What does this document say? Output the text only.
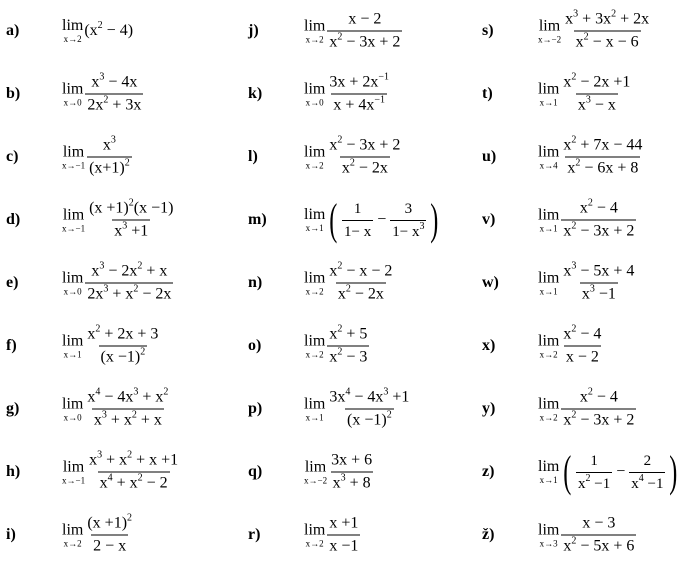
a)	lim
x→2 $(x^2 - 4)$
b)	lim
$x\to 0 \frac{x^3 - 4x}{2x^2 + 3x}$
c)	lim
$x\to-1 \frac{x^3}{(x+1)^2}$
d)	lim
$x\to-1 \frac{(x +1)^2(x -1)}{x^3 +1}$
e)	lim
$x\to 0 \frac{x^3 - 2x^2 + x}{2x^3 + x^2 - 2x}$
f)	lim
$x\to 1 \frac{x^2 + 2x + 3}{(x -1)^2}$
g)	lim
$x\to 0 \frac{x^4 - 4x^3 + x^2}{x^3 + x^2 + x}$
h)	lim
$x\to-1 \frac{x^3 + x^2 + x +1}{x^4 + x^2 - 2}$
i)	lim
$x\to 2 \frac{(x +1)^2}{2 - x}$
j)	lim
$x\to 2 \frac{x - 2}{x^2 - 3x + 2}$
k)	lim
$x\to 0 \frac{3x + 2x^{-1}}{x + 4x^{-1}}$
l)	lim
$x\to 2 \frac{x^2 - 3x + 2}{x^2 - 2x}$
m) lim
x→1 ( $\frac{1}{1- x} - \frac{3}{1- x^3}$ )
n)	lim
$x\to 2 \frac{x^2 - x - 2}{x^2 - 2x}$
o)	lim
$x\to 2 \frac{x^2 + 5}{x^2 - 3}$
p)	lim
$x\to 1 \frac{3x^4 - 4x^3 +1}{(x -1)^2}$
q)	lim
$x\to-2 \frac{3x + 6}{x^3 + 8}$
r)	lim
$x\to 2 \frac{x +1}{x -1}$
s)	lim
$x\to-2 \frac{x^3 + 3x^2 + 2x}{x^2 - x - 6}$
t)	lim
$x\to 1 \frac{x^2 - 2x +1}{x^3 - x}$
u)	lim
$x\to 4 \frac{x^2 + 7x - 44}{x^2 - 6x + 8}$
v)	lim
$x\to 1 \frac{x^2 - 4}{x^2 - 3x + 2}$
w) lim
$x\to 1 \frac{x^3 - 5x + 4}{x^3 -1}$
x)	lim
$x\to 2 \frac{x^2 - 4}{x - 2}$
y)	lim
$x\to 2 \frac{x^2 - 4}{x^2 - 3x + 2}$
z)	lim
x→1 ( $\frac{1}{x^2 -1} - \frac{2}{x^4 -1}$ )
ž)	lim
$x\to 3 \frac{x - 3}{x^2 - 5x + 6}$
